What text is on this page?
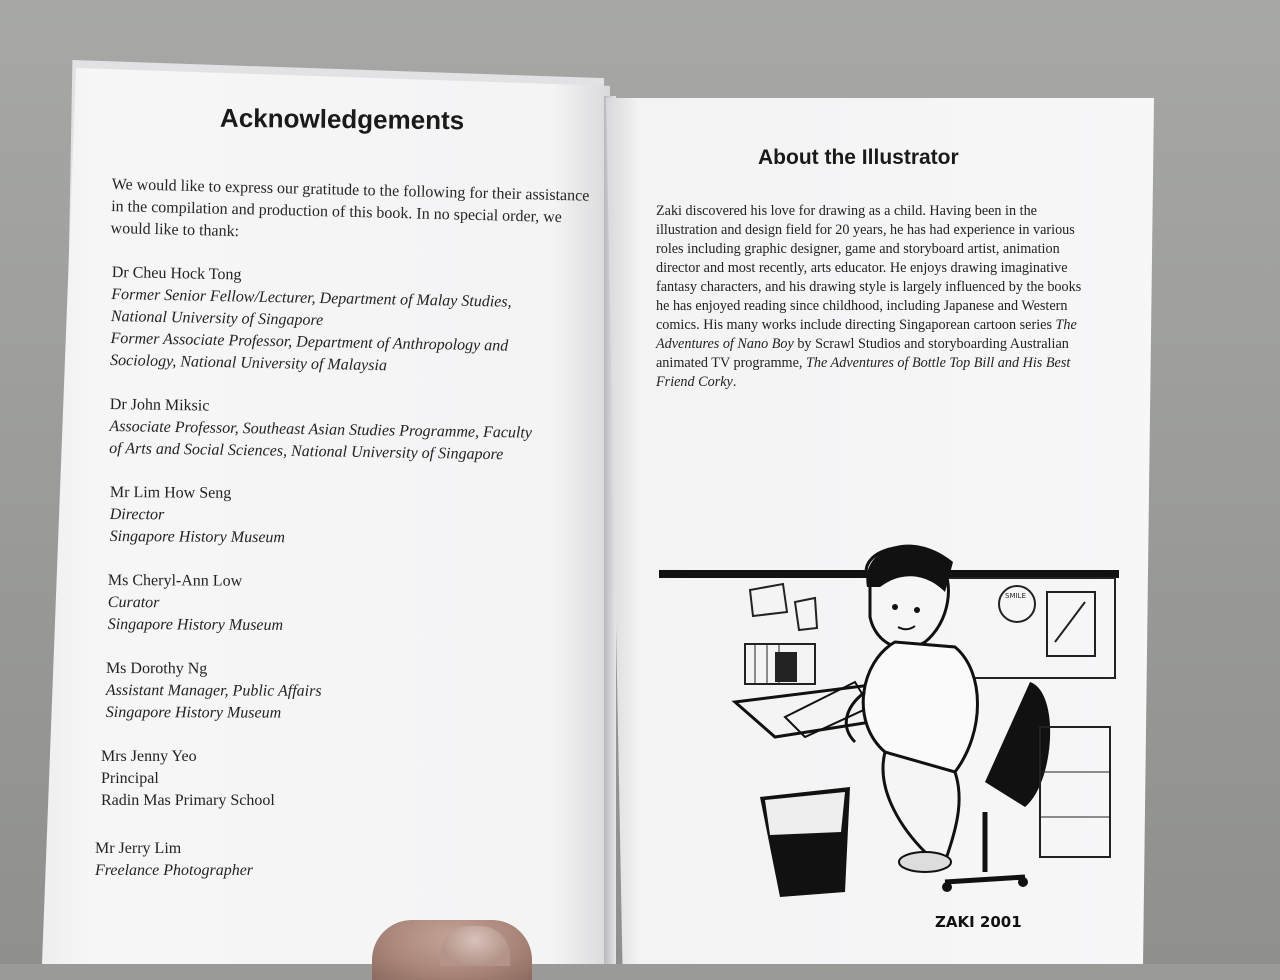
Acknowledgements
We would like to express our gratitude to the following for their assistance
in the compilation and production of this book. In no special order, we
would like to thank:
Dr Cheu Hock Tong
Former Senior Fellow/Lecturer, Department of Malay Studies,
National University of Singapore
Former Associate Professor, Department of Anthropology and
Sociology, National University of Malaysia
Dr John Miksic
Associate Professor, Southeast Asian Studies Programme, Faculty
of Arts and Social Sciences, National University of Singapore
Mr Lim How Seng
Director
Singapore History Museum
Ms Cheryl-Ann Low
Curator
Singapore History Museum
Ms Dorothy Ng
Assistant Manager, Public Affairs
Singapore History Museum
Mrs Jenny Yeo
Principal
Radin Mas Primary School
Mr Jerry Lim
Freelance Photographer
About the Illustrator
Zaki discovered his love for drawing as a child. Having been in the
illustration and design field for 20 years, he has had experience in various
roles including graphic designer, game and storyboard artist, animation
director and most recently, arts educator. He enjoys drawing imaginative
fantasy characters, and his drawing style is largely influenced by the books
he has enjoyed reading since childhood, including Japanese and Western
comics. His many works include directing Singaporean cartoon series The
Adventures of Nano Boy by Scrawl Studios and storyboarding Australian
animated TV programme, The Adventures of Bottle Top Bill and His Best
Friend Corky.
SMILE
ZAKI 2001
